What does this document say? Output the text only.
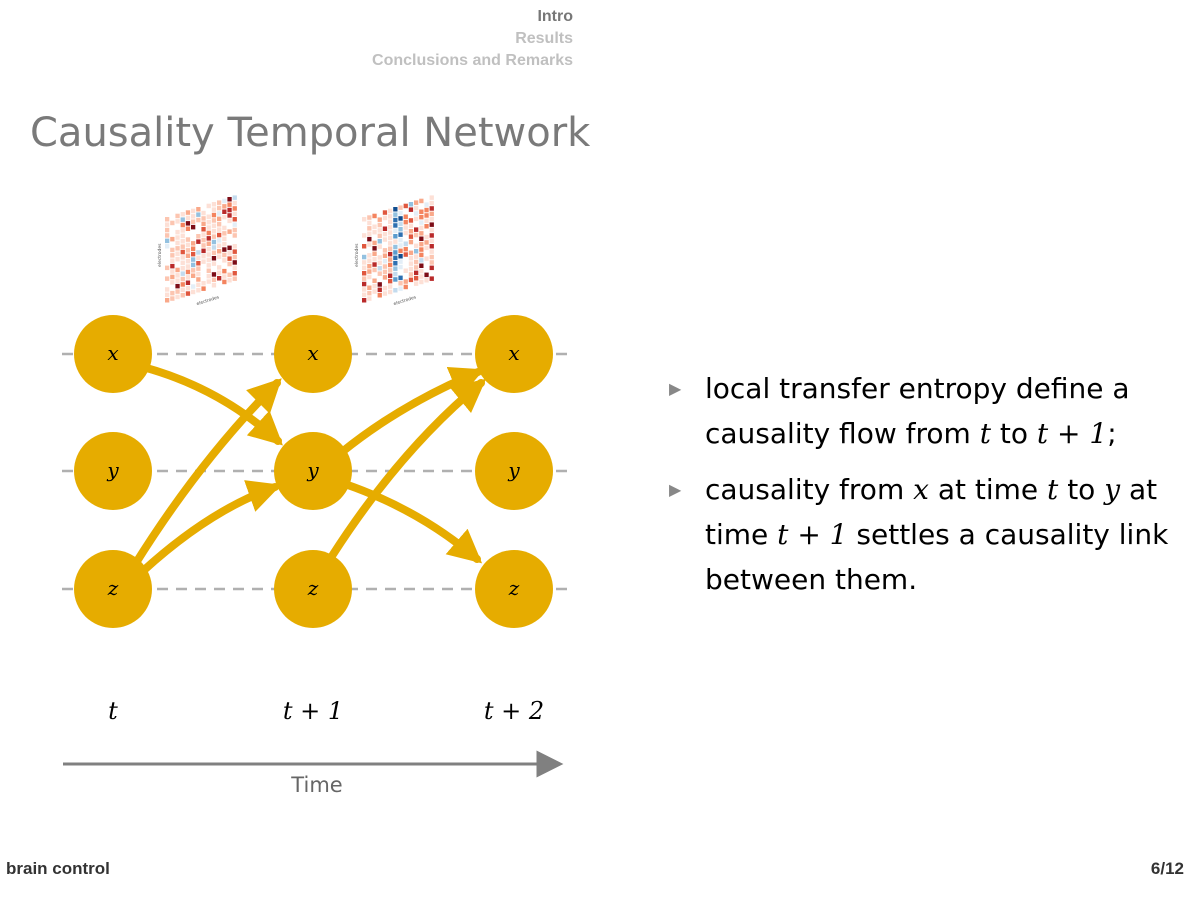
Intro
Results
Conclusions and Remarks
Causality Temporal Network
electrodes
electrodes
electrodes
electrodes
x
y
z
x
y
z
x
y
z
t	t + 1	t + 2
Time
▶ local transfer entropy define a causality flow from t to t + 1;
▶ causality from x at time t to y at time t + 1 settles a causality link between them.
brain control	6/12
